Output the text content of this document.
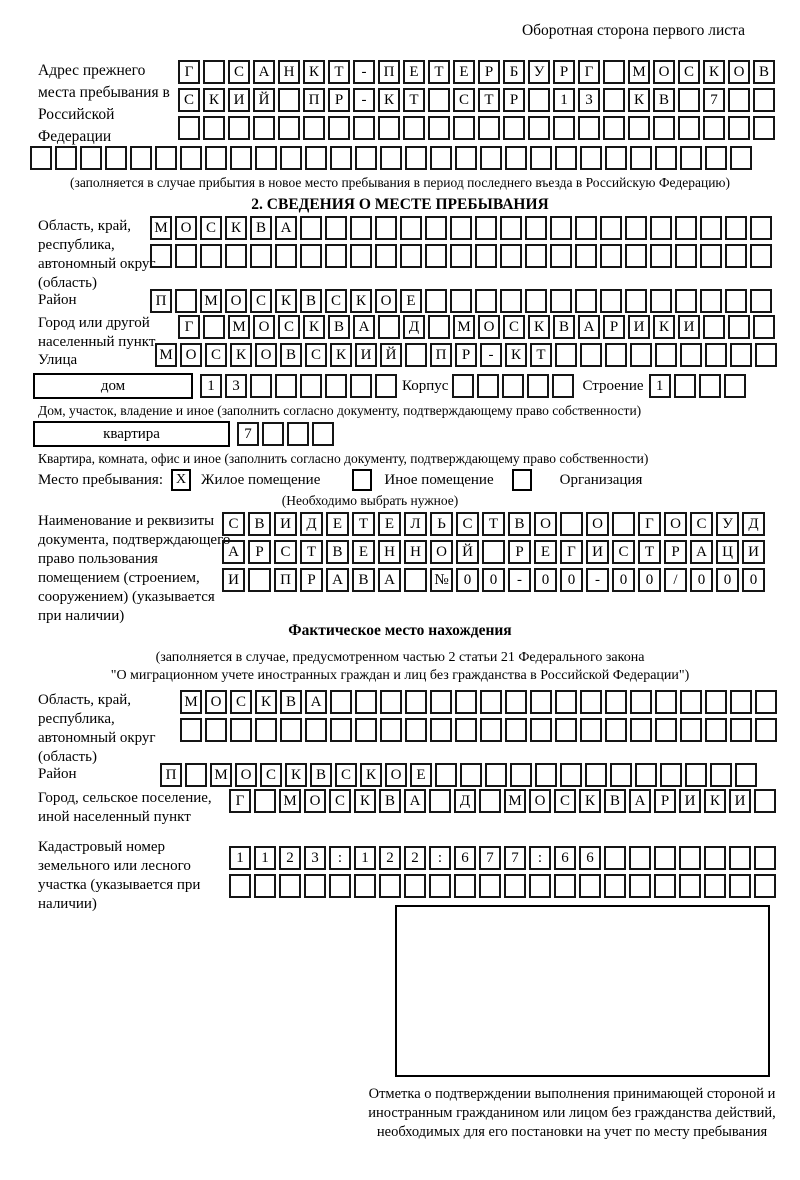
Оборотная сторона первого листа
Адрес прежнего места пребывания в Российской Федерации
Г	С А Н К	Т	-	П Е	Т	Е	Р	Б	У	Р	Г	М О С К О В
С К И Й	П	Р	-	К	Т	С	Т	Р	1	3	К В	7
(заполняется в случае прибытия в новое место пребывания в период последнего въезда в Российскую Федерацию)
2. СВЕДЕНИЯ О МЕСТЕ ПРЕБЫВАНИЯ
Область, край, республика, автономный округ (область)
М О С К В А
Район	П	М О С К В С К О Е
Город или другой населенный пункт
Г	М О С К В А	Д	М О С К В А	Р	И К И
Улица	М О С К О В С К И Й	П	Р	-	К	Т
дом	1	3	Корпус	Строение 1
Дом, участок, владение и иное (заполнить согласно документу, подтверждающему право собственности)
квартира	7
Квартира, комната, офис и иное (заполнить согласно документу, подтверждающему право собственности)
Место пребывания: X Жилое помещение	Иное помещение	Организация
(Необходимо выбрать нужное)
Наименование и реквизиты документа, подтверждающего право пользования помещением (строением, сооружением) (указывается при наличии)
С	В	И	Д	Е	Т	Е	Л	Ь	С	Т	В	О	О	Г	О	С	У	Д
А	Р	С	Т	В	Е	Н	Н	О	Й	Р	Е	Г	И	С	Т	Р	А	Ц	И
И	П	Р	А	В	А	№	0	0	-	0	0	-	0	0	/	0	0	0
Фактическое место нахождения
(заполняется в случае, предусмотренном частью 2 статьи 21 Федерального закона
"О миграционном учете иностранных граждан и лиц без гражданства в Российской Федерации")
Область, край, республика, автономный округ (область)
М О С К В А
Район	П	М О С К В С К О Е
Город, сельское поселение, иной населенный пункт
Г	М О С К В А	Д	М О С К В А	Р	И К И
Кадастровый номер земельного или лесного участка (указывается при наличии)
1	1	2	3	:	1	2	2	:	6	7	7	:	6	6
Отметка о подтверждении выполнения принимающей стороной и иностранным гражданином или лицом без гражданства действий, необходимых для его постановки на учет по месту пребывания
